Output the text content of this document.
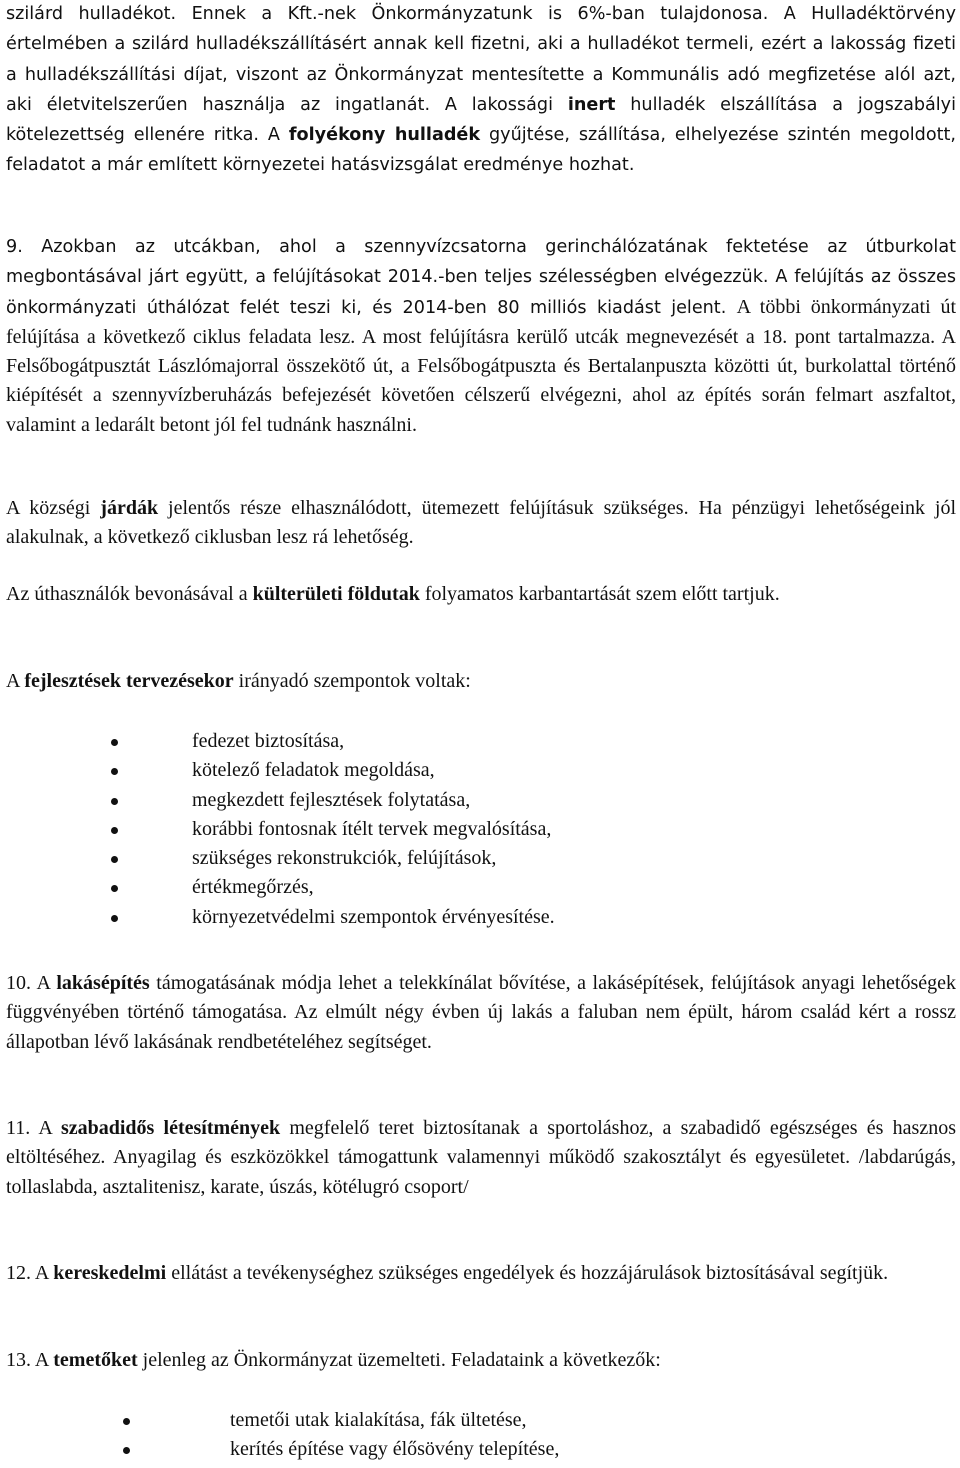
szilárd hulladékot. Ennek a Kft.-nek Önkormányzatunk is 6%-ban tulajdonosa. A Hulladéktörvény értelmében a szilárd hulladékszállításért annak kell fizetni, aki a hulladékot termeli, ezért a lakosság fizeti a hulladékszállítási díjat, viszont az Önkormányzat mentesítette a Kommunális adó megfizetése alól azt, aki életvitelszerűen használja az ingatlanát. A lakossági inert hulladék elszállítása a jogszabályi kötelezettség ellenére ritka. A folyékony hulladék gyűjtése, szállítása, elhelyezése szintén megoldott, feladatot a már említett környezetei hatásvizsgálat eredménye hozhat.

9. Azokban az utcákban, ahol a szennyvízcsatorna gerinchálózatának fektetése az útburkolat megbontásával járt együtt, a felújításokat 2014.-ben teljes szélességben elvégezzük. A felújítás az összes önkormányzati úthálózat felét teszi ki, és 2014-ben 80 milliós kiadást jelent. A többi önkormányzati út felújítása a következő ciklus feladata lesz. A most felújításra kerülő utcák megnevezését a 18. pont tartalmazza. A Felsőbogátpusztát Lászlómajorral összekötő út, a Felsőbogátpuszta és Bertalanpuszta közötti út, burkolattal történő kiépítését a szennyvízberuházás befejezését követően célszerű elvégezni, ahol az építés során felmart aszfaltot, valamint a ledarált betont jól fel tudnánk használni.

A községi járdák jelentős része elhasználódott, ütemezett felújításuk szükséges. Ha pénzügyi lehetőségeink jól alakulnak, a következő ciklusban lesz rá lehetőség.

Az úthasználók bevonásával a külterületi földutak folyamatos karbantartását szem előtt tartjuk.

A fejlesztések tervezésekor irányadó szempontok voltak:

fedezet biztosítása,
kötelező feladatok megoldása,
megkezdett fejlesztések folytatása,
korábbi fontosnak ítélt tervek megvalósítása,
szükséges rekonstrukciók, felújítások,
értékmegőrzés,
környezetvédelmi szempontok érvényesítése.

10. A lakásépítés támogatásának módja lehet a telekkínálat bővítése, a lakásépítések, felújítások anyagi lehetőségek függvényében történő támogatása. Az elmúlt négy évben új lakás a faluban nem épült, három család kért a rossz állapotban lévő lakásának rendbetételéhez segítséget.

11. A szabadidős létesítmények megfelelő teret biztosítanak a sportoláshoz, a szabadidő egészséges és hasznos eltöltéséhez. Anyagilag és eszközökkel támogattunk valamennyi működő szakosztályt és egyesületet. /labdarúgás, tollaslabda, asztalitenisz, karate, úszás, kötélugró csoport/

12. A kereskedelmi ellátást a tevékenységhez szükséges engedélyek és hozzájárulások biztosításával segítjük.

13. A temetőket jelenleg az Önkormányzat üzemelteti. Feladataink a következők:

temetői utak kialakítása, fák ültetése,
kerítés építése vagy élősövény telepítése,
